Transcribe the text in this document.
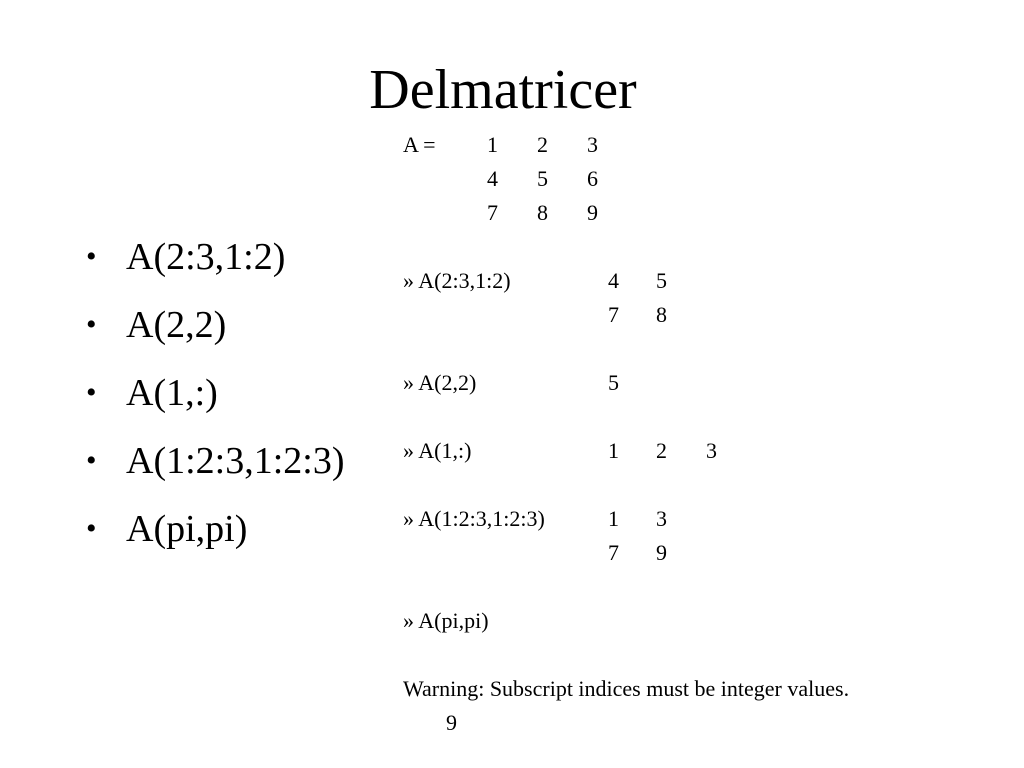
Delmatricer
• A(2:3,1:2)
• A(2,2)
• A(1,:)
• A(1:2:3,1:2:3)
• A(pi,pi)
A = 1 2 3
4 5 6
7 8 9
» A(2:3,1:2)	4 5
7 8
» A(2,2)	5
» A(1,:)	1 2 3
» A(1:2:3,1:2:3)	1 3
7 9
» A(pi,pi)
Warning: Subscript indices must be integer values.
9
